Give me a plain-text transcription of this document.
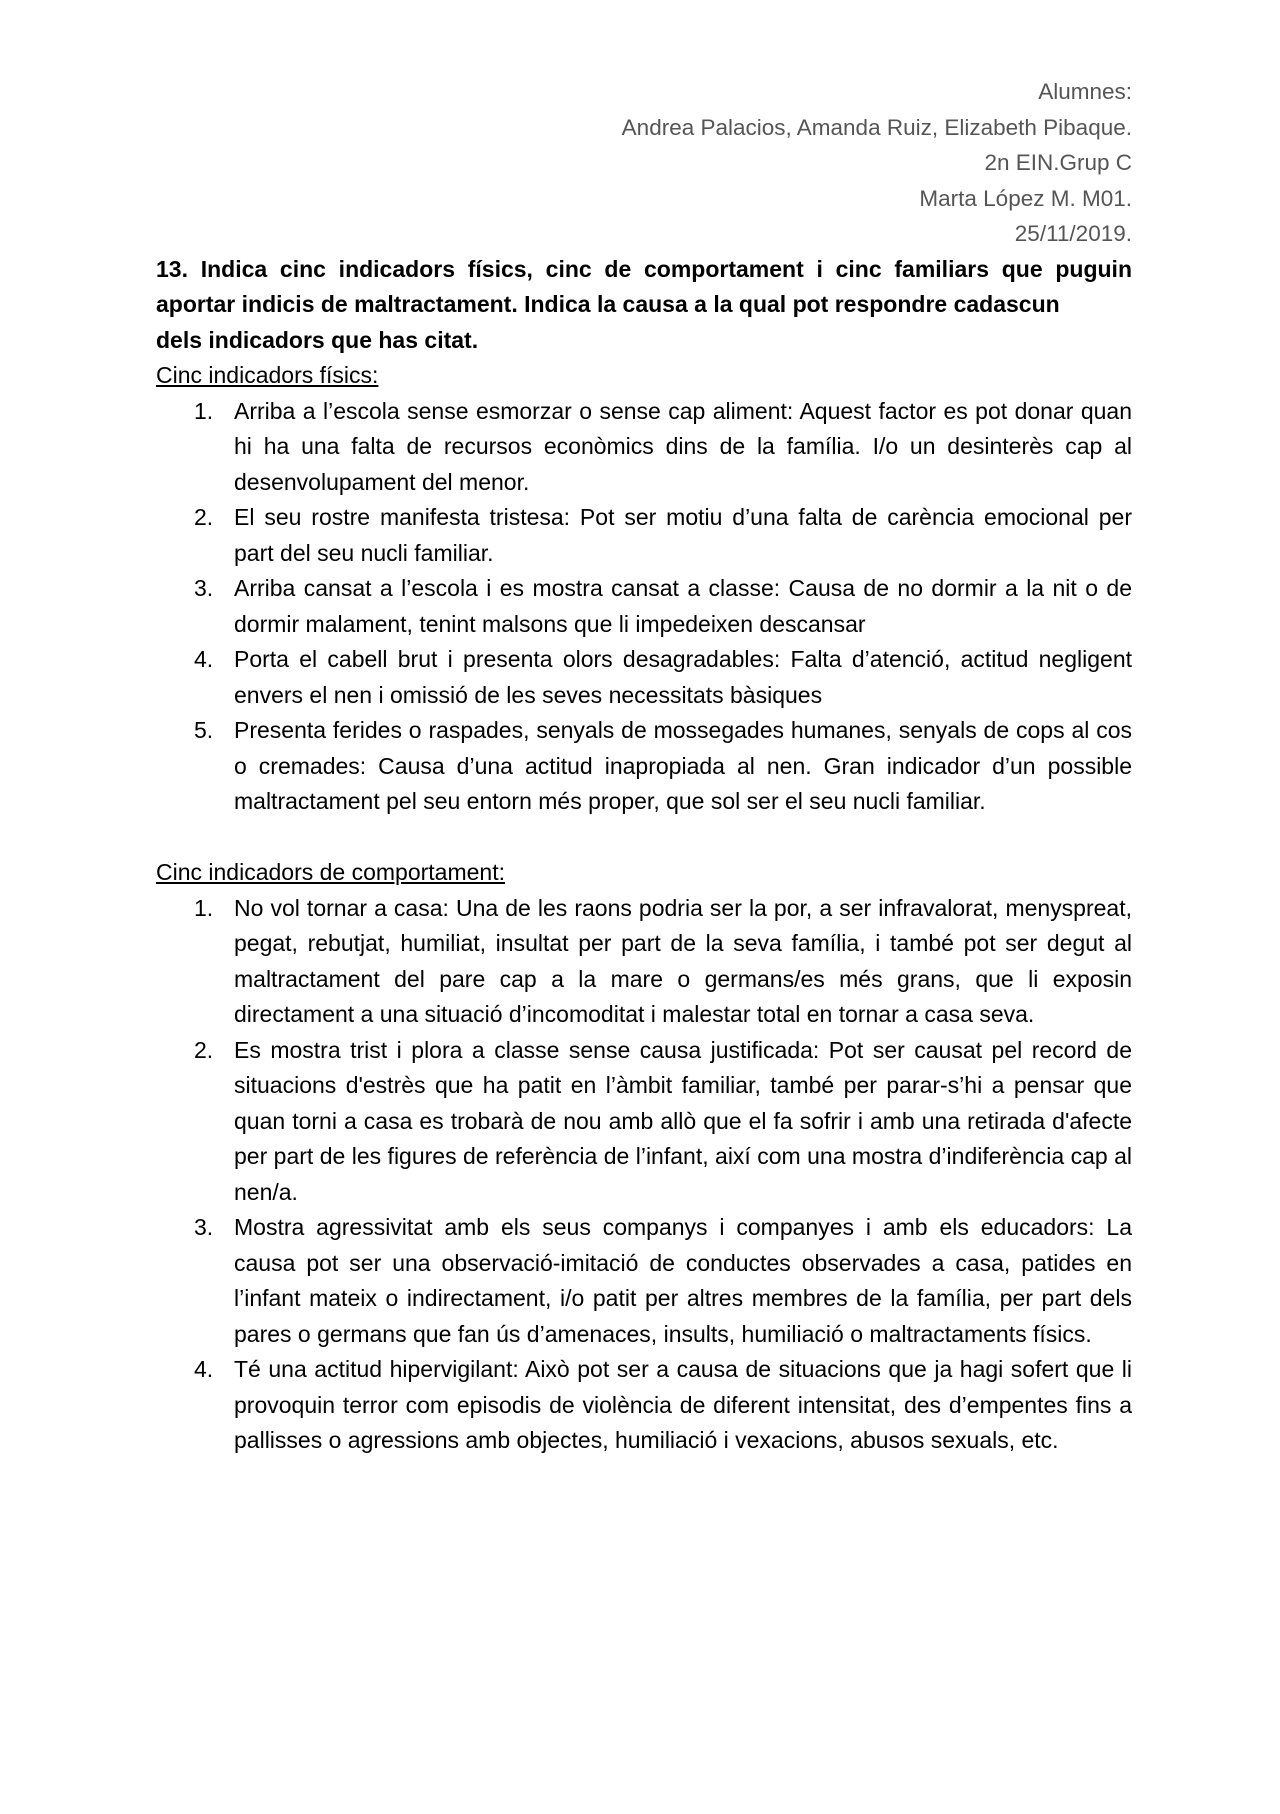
Alumnes:
Andrea Palacios, Amanda Ruiz, Elizabeth Pibaque.
2n EIN.Grup C
Marta López M. M01.
25/11/2019.

13. Indica cinc indicadors físics, cinc de comportament i cinc familiars que puguin aportar indicis de maltractament. Indica la causa a la qual pot respondre cadascun

dels indicadors que has citat.

Cinc indicadors físics:

1. Arriba a l’escola sense esmorzar o sense cap aliment: Aquest factor es pot donar quan hi ha una falta de recursos econòmics dins de la família. I/o un desinterès cap al desenvolupament del menor.
2. El seu rostre manifesta tristesa: Pot ser motiu d’una falta de carència emocional per part del seu nucli familiar.
3. Arriba cansat a l’escola i es mostra cansat a classe: Causa de no dormir a la nit o de dormir malament, tenint malsons que li impedeixen descansar
4. Porta el cabell brut i presenta olors desagradables: Falta d’atenció, actitud negligent envers el nen i omissió de les seves necessitats bàsiques
5. Presenta ferides o raspades, senyals de mossegades humanes, senyals de cops al cos o cremades: Causa d’una actitud inapropiada al nen. Gran indicador d’un possible maltractament pel seu entorn més proper, que sol ser el seu nucli familiar.

Cinc indicadors de comportament:

1. No vol tornar a casa: Una de les raons podria ser la por, a ser infravalorat, menyspreat, pegat, rebutjat, humiliat, insultat per part de la seva família, i també pot ser degut al maltractament del pare cap a la mare o germans/es més grans, que li exposin directament a una situació d’incomoditat i malestar total en tornar a casa seva.
2. Es mostra trist i plora a classe sense causa justificada: Pot ser causat pel record de situacions d'estrès que ha patit en l’àmbit familiar, també per parar-s’hi a pensar que quan torni a casa es trobarà de nou amb allò que el fa sofrir i amb una retirada d'afecte per part de les figures de referència de l’infant, així com una mostra d’indiferència cap al nen/a.
3. Mostra agressivitat amb els seus companys i companyes i amb els educadors: La causa pot ser una observació-imitació de conductes observades a casa, patides en l’infant mateix o indirectament, i/o patit per altres membres de la família, per part dels pares o germans que fan ús d’amenaces, insults, humiliació o maltractaments físics.
4. Té una actitud hipervigilant: Això pot ser a causa de situacions que ja hagi sofert que li provoquin terror com episodis de violència de diferent intensitat, des d’empentes fins a pallisses o agressions amb objectes, humiliació i vexacions, abusos sexuals, etc.
